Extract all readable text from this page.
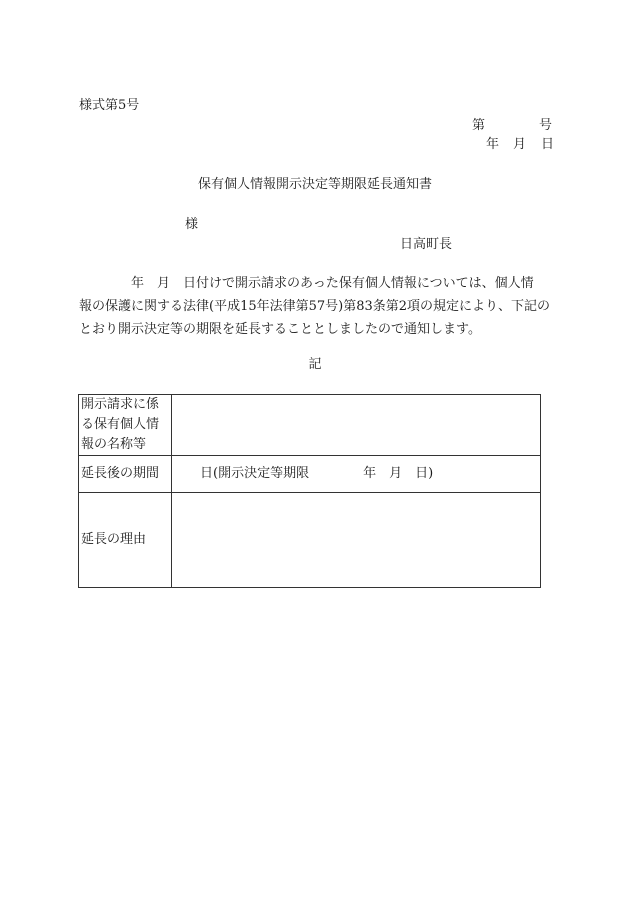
様式第5号
第	号
年 月 日
保有個人情報開示決定等期限延長通知書
様
日高町長
年　月　日付けで開示請求のあった保有個人情報については、個人情
報の保護に関する法律(平成15年法律第57号)第83条第2項の規定により、下記の
とおり開示決定等の期限を延長することとしましたので通知します。
記
開示請求に係る保有個人情報の名称等	
延長後の期間	日(開示決定等期限 年 月 日)
延長の理由	
